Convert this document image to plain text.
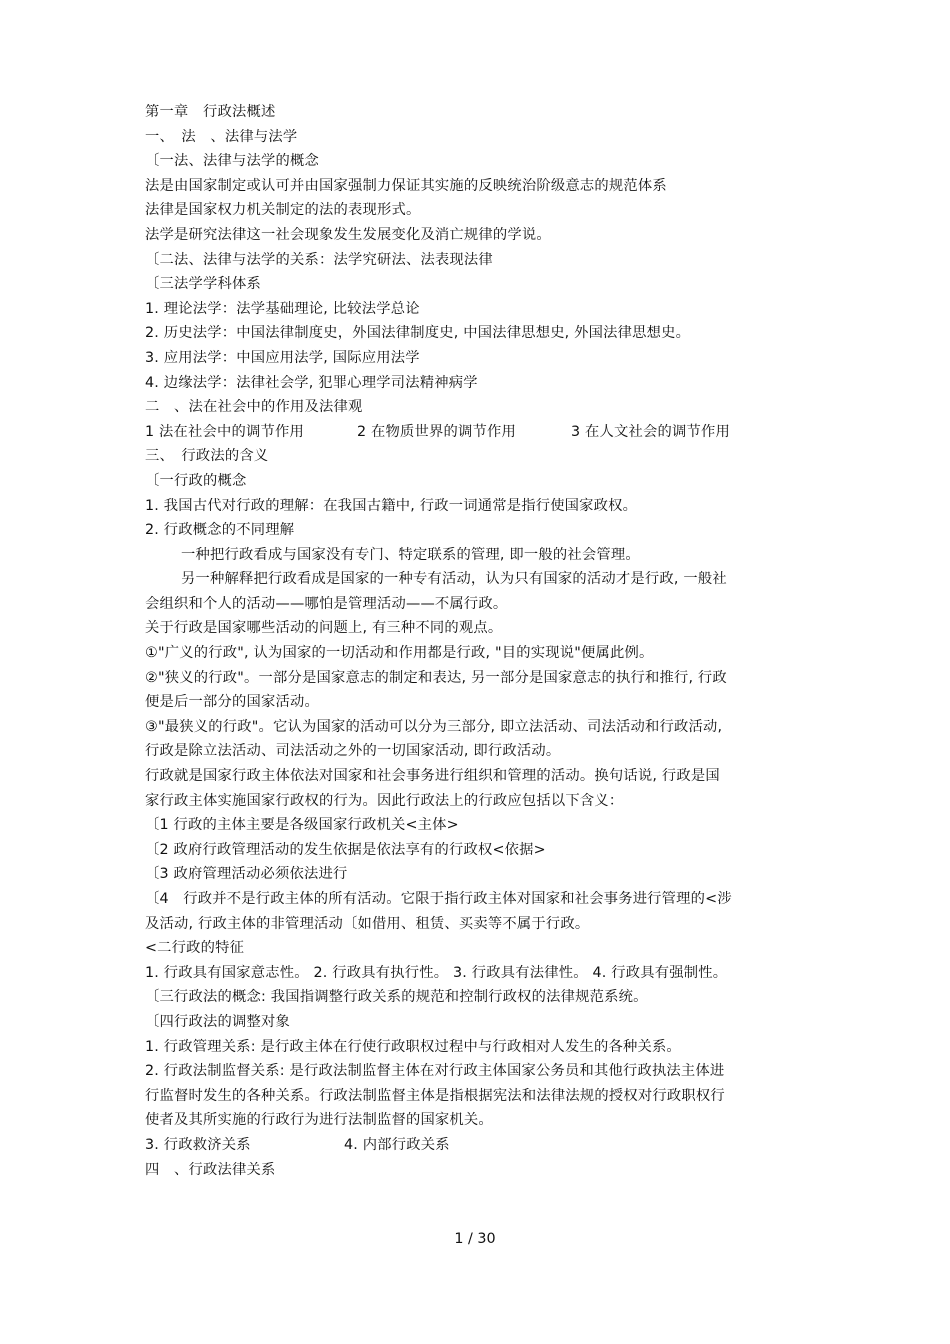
第一章　行政法概述
一、　法　、法律与法学
〔一法、法律与法学的概念
法是由国家制定或认可并由国家强制力保证其实施的反映统治阶级意志的规范体系
法律是国家权力机关制定的法的表现形式。
法学是研究法律这一社会现象发生发展变化及消亡规律的学说。
〔二法、法律与法学的关系：法学究研法、法表现法律
〔三法学学科体系
1. 理论法学：法学基础理论, 比较法学总论
2. 历史法学：中国法律制度史，外国法律制度史, 中国法律思想史, 外国法律思想史。
3. 应用法学：中国应用法学, 国际应用法学
4. 边缘法学：法律社会学, 犯罪心理学司法精神病学
二　、法在社会中的作用及法律观
1 法在社会中的调节作用	2 在物质世界的调节作用	3 在人文社会的调节作用
三、　行政法的含义
〔一行政的概念
1. 我国古代对行政的理解：在我国古籍中, 行政一词通常是指行使国家政权。
2. 行政概念的不同理解
一种把行政看成与国家没有专门、特定联系的管理, 即一般的社会管理。
另一种解释把行政看成是国家的一种专有活动，认为只有国家的活动才是行政, 一般社
会组织和个人的活动——哪怕是管理活动——不属行政。
关于行政是国家哪些活动的问题上, 有三种不同的观点。
①"广义的行政", 认为国家的一切活动和作用都是行政, "目的实现说"便属此例。
②"狭义的行政"。一部分是国家意志的制定和表达, 另一部分是国家意志的执行和推行, 行政
便是后一部分的国家活动。
③"最狭义的行政"。它认为国家的活动可以分为三部分, 即立法活动、司法活动和行政活动,
行政是除立法活动、司法活动之外的一切国家活动, 即行政活动。
行政就是国家行政主体依法对国家和社会事务进行组织和管理的活动。换句话说, 行政是国
家行政主体实施国家行政权的行为。因此行政法上的行政应包括以下含义：
〔1 行政的主体主要是各级国家行政机关<主体>
〔2 政府行政管理活动的发生依据是依法享有的行政权<依据>
〔3 政府管理活动必须依法进行
〔4　行政并不是行政主体的所有活动。它限于指行政主体对国家和社会事务进行管理的<涉
及活动, 行政主体的非管理活动〔如借用、租赁、买卖等不属于行政。
<二行政的特征
1. 行政具有国家意志性。 2. 行政具有执行性。 3. 行政具有法律性。 4. 行政具有强制性。
〔三行政法的概念: 我国指调整行政关系的规范和控制行政权的法律规范系统。
〔四行政法的调整对象
1. 行政管理关系: 是行政主体在行使行政职权过程中与行政相对人发生的各种关系。
2. 行政法制监督关系: 是行政法制监督主体在对行政主体国家公务员和其他行政执法主体进
行监督时发生的各种关系。行政法制监督主体是指根据宪法和法律法规的授权对行政职权行
使者及其所实施的行政行为进行法制监督的国家机关。
3. 行政救济关系	4. 内部行政关系
四　、行政法律关系
1 / 30
